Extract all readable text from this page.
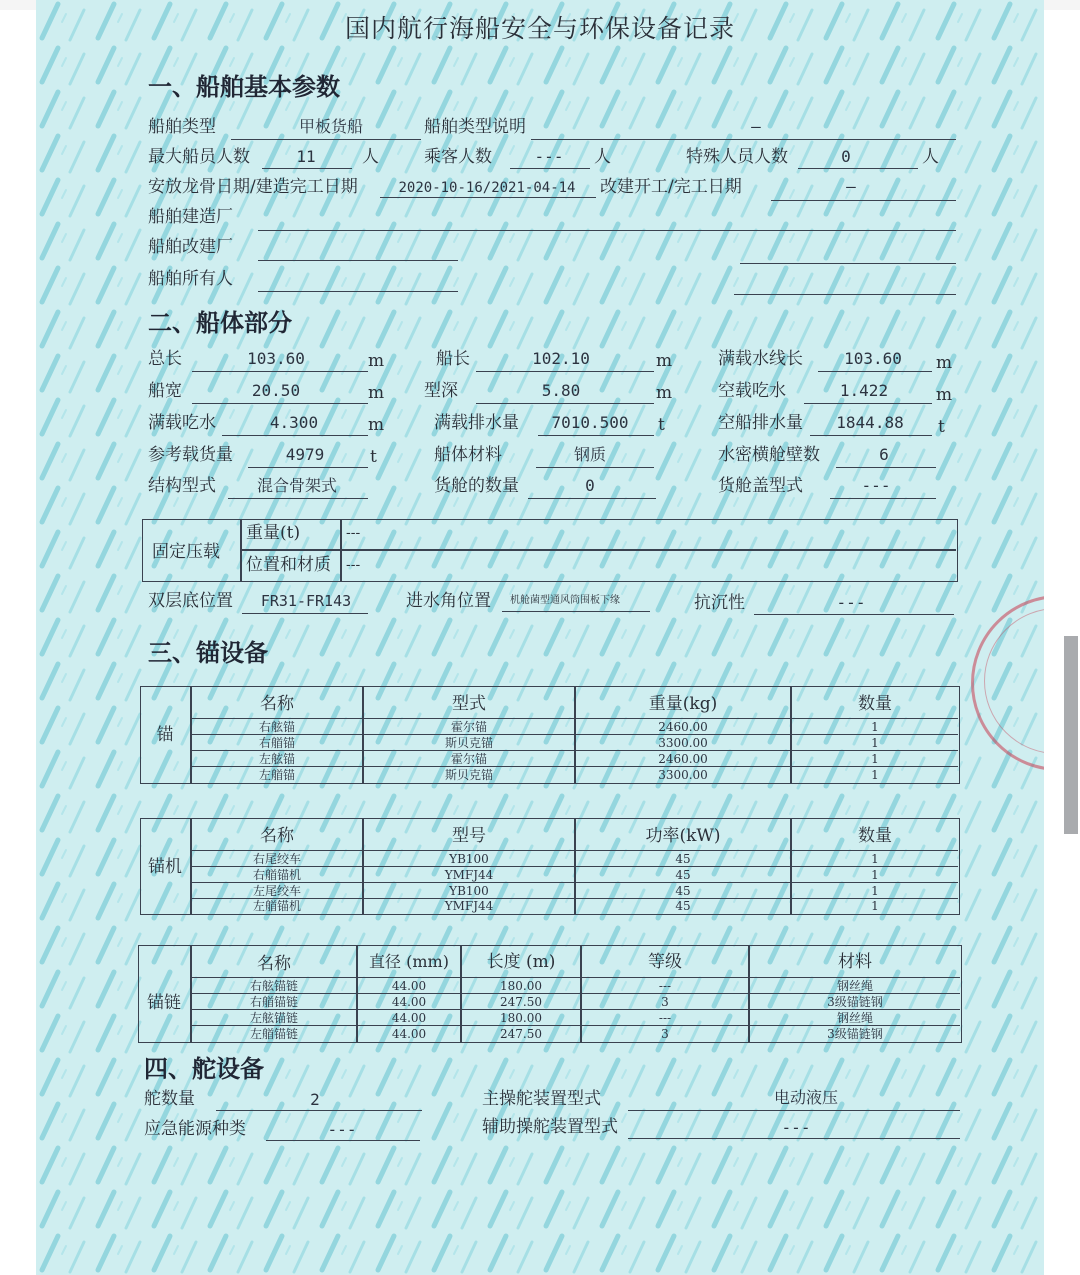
国内航行海船安全与环保设备记录
一、船舶基本参数
船舶类型	甲板货船	船舶类型说明	—
最大船员人数	11	人	乘客人数	---	人	特殊人员人数	0	人
安放龙骨日期/建造完工日期	2020-10-16/2021-04-14	改建开工/完工日期	—
船舶建造厂
船舶改建厂
船舶所有人
二、船体部分
总长	103.60	m	船长	102.10	m	满载水线长	103.60	m
船宽	20.50	m 型深	5.80	m	空载吃水	1.422	m
满载吃水	4.300	m	满载排水量	7010.500	t	空船排水量	1844.88	t
参考载货量	4979	t	船体材料	钢质	水密横舱壁数	6
结构型式	混合骨架式	货舱的数量	0	货舱盖型式	---
固定压载
重量(t)	---
位置和材质 ---
双层底位置	FR31-FR143	进水角位置 机舱菌型通风筒围板下缘	抗沉性	---
三、锚设备
锚
名称	型式	重量(kg)	数量
右舷锚	霍尔锚	2460.00	1
右艏锚	斯贝克锚	3300.00	1
左舷锚	霍尔锚	2460.00	1
左艏锚	斯贝克锚	3300.00	1
锚机
名称	型号	功率(kW)	数量
右尾绞车	YB100	45	1
右艏锚机	YMFJ44	45	1
左尾绞车	YB100	45	1
左艏锚机	YMFJ44	45	1
锚链
名称	直径 (mm)	长度 (m)	等级	材料
右舷锚链	44.00	180.00	---	钢丝绳
右艏锚链	44.00	247.50	3	3级锚链钢
左舷锚链	44.00	180.00	---	钢丝绳
左艏锚链	44.00	247.50	3	3级锚链钢
四、舵设备
舵数量	2	主操舵装置型式	电动液压
应急能源种类	---	辅助操舵装置型式	---
